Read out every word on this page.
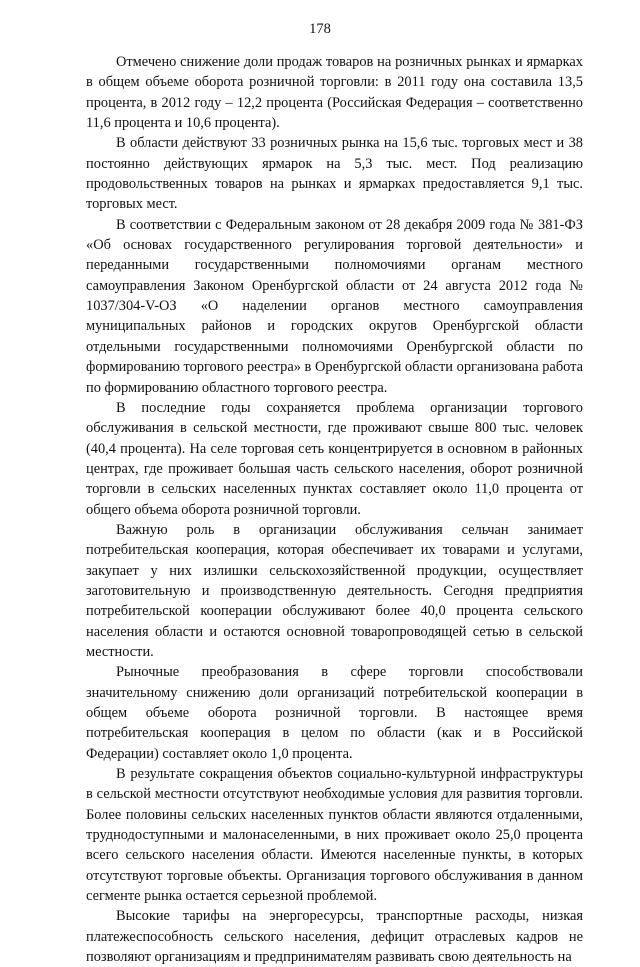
178

Отмечено снижение доли продаж товаров на розничных рынках и ярмарках в общем объеме оборота розничной торговли: в 2011 году она составила 13,5 процента, в 2012 году – 12,2 процента (Российская Федерация – соответственно 11,6 процента и 10,6 процента).

В области действуют 33 розничных рынка на 15,6 тыс. торговых мест и 38 постоянно действующих ярмарок на 5,3 тыс. мест. Под реализацию продовольственных товаров на рынках и ярмарках предоставляется 9,1 тыс. торговых мест.

В соответствии с Федеральным законом от 28 декабря 2009 года № 381-ФЗ «Об основах государственного регулирования торговой деятельности» и переданными государственными полномочиями органам местного самоуправления Законом Оренбургской области от 24 августа 2012 года № 1037/304-V-ОЗ «О наделении органов местного самоуправления муниципальных районов и городских округов Оренбургской области отдельными государственными полномочиями Оренбургской области по формированию торгового реестра» в Оренбургской области организована работа по формированию областного торгового реестра.

В последние годы сохраняется проблема организации торгового обслуживания в сельской местности, где проживают свыше 800 тыс. человек (40,4 процента). На селе торговая сеть концентрируется в основном в районных центрах, где проживает большая часть сельского населения, оборот розничной торговли в сельских населенных пунктах составляет около 11,0 процента от общего объема оборота розничной торговли.

Важную роль в организации обслуживания сельчан занимает потребительская кооперация, которая обеспечивает их товарами и услугами, закупает у них излишки сельскохозяйственной продукции, осуществляет заготовительную и производственную деятельность. Сегодня предприятия потребительской кооперации обслуживают более 40,0 процента сельского населения области и остаются основной товаропроводящей сетью в сельской местности.

Рыночные преобразования в сфере торговли способствовали значительному снижению доли организаций потребительской кооперации в общем объеме оборота розничной торговли. В настоящее время потребительская кооперация в целом по области (как и в Российской Федерации) составляет около 1,0 процента.

В результате сокращения объектов социально-культурной инфраструктуры в сельской местности отсутствуют необходимые условия для развития торговли. Более половины сельских населенных пунктов области являются отдаленными, труднодоступными и малонаселенными, в них проживает около 25,0 процента всего сельского населения области. Имеются населенные пункты, в которых отсутствуют торговые объекты. Организация торгового обслуживания в данном сегменте рынка остается серьезной проблемой.

Высокие тарифы на энергоресурсы, транспортные расходы, низкая платежеспособность сельского населения, дефицит отраслевых кадров не позволяют организациям и предпринимателям развивать свою деятельность на
